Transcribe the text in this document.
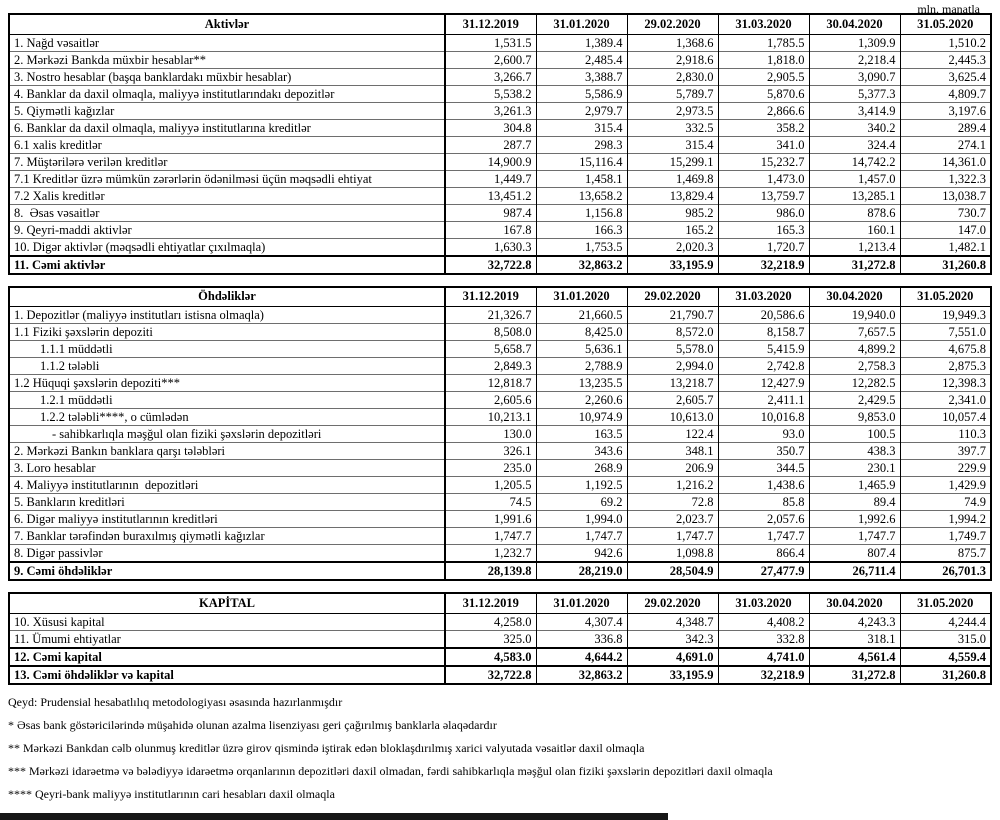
mln. manatla
Aktivlər	31.12.2019	31.01.2020	29.02.2020	31.03.2020	30.04.2020	31.05.2020
1. Nağd vəsaitlər	1,531.5	1,389.4	1,368.6	1,785.5	1,309.9	1,510.2
2. Mərkəzi Bankda müxbir hesablar**	2,600.7	2,485.4	2,918.6	1,818.0	2,218.4	2,445.3
3. Nostro hesablar (başqa banklardakı müxbir hesablar)	3,266.7	3,388.7	2,830.0	2,905.5	3,090.7	3,625.4
4. Banklar da daxil olmaqla, maliyyə institutlarındakı depozitlər	5,538.2	5,586.9	5,789.7	5,870.6	5,377.3	4,809.7
5. Qiymətli kağızlar	3,261.3	2,979.7	2,973.5	2,866.6	3,414.9	3,197.6
6. Banklar da daxil olmaqla, maliyyə institutlarına kreditlər	304.8	315.4	332.5	358.2	340.2	289.4
6.1 xalis kreditlər	287.7	298.3	315.4	341.0	324.4	274.1
7. Müştərilərə verilən kreditlər	14,900.9	15,116.4	15,299.1	15,232.7	14,742.2	14,361.0
7.1 Kreditlər üzrə mümkün zərərlərin ödənilməsi üçün məqsədli ehtiyat	1,449.7	1,458.1	1,469.8	1,473.0	1,457.0	1,322.3
7.2 Xalis kreditlər	13,451.2	13,658.2	13,829.4	13,759.7	13,285.1	13,038.7
8.  Əsas vəsaitlər	987.4	1,156.8	985.2	986.0	878.6	730.7
9. Qeyri-maddi aktivlər	167.8	166.3	165.2	165.3	160.1	147.0
10. Digər aktivlər (məqsədli ehtiyatlar çıxılmaqla)	1,630.3	1,753.5	2,020.3	1,720.7	1,213.4	1,482.1
11. Cəmi aktivlər	32,722.8	32,863.2	33,195.9	32,218.9	31,272.8	31,260.8
Öhdəliklər	31.12.2019	31.01.2020	29.02.2020	31.03.2020	30.04.2020	31.05.2020
1. Depozitlər (maliyyə institutları istisna olmaqla)	21,326.7	21,660.5	21,790.7	20,586.6	19,940.0	19,949.3
1.1 Fiziki şəxslərin depoziti	8,508.0	8,425.0	8,572.0	8,158.7	7,657.5	7,551.0
1.1.1 müddətli	5,658.7	5,636.1	5,578.0	5,415.9	4,899.2	4,675.8
1.1.2 tələbli	2,849.3	2,788.9	2,994.0	2,742.8	2,758.3	2,875.3
1.2 Hüquqi şəxslərin depoziti***	12,818.7	13,235.5	13,218.7	12,427.9	12,282.5	12,398.3
1.2.1 müddətli	2,605.6	2,260.6	2,605.7	2,411.1	2,429.5	2,341.0
1.2.2 tələbli****, o cümlədən	10,213.1	10,974.9	10,613.0	10,016.8	9,853.0	10,057.4
- sahibkarlıqla məşğul olan fiziki şəxslərin depozitləri	130.0	163.5	122.4	93.0	100.5	110.3
2. Mərkəzi Bankın banklara qarşı tələbləri	326.1	343.6	348.1	350.7	438.3	397.7
3. Loro hesablar	235.0	268.9	206.9	344.5	230.1	229.9
4. Maliyyə institutlarının  depozitləri	1,205.5	1,192.5	1,216.2	1,438.6	1,465.9	1,429.9
5. Bankların kreditləri	74.5	69.2	72.8	85.8	89.4	74.9
6. Digər maliyyə institutlarının kreditləri	1,991.6	1,994.0	2,023.7	2,057.6	1,992.6	1,994.2
7. Banklar tərəfindən buraxılmış qiymətli kağızlar	1,747.7	1,747.7	1,747.7	1,747.7	1,747.7	1,749.7
8. Digər passivlər	1,232.7	942.6	1,098.8	866.4	807.4	875.7
9. Cəmi öhdəliklər	28,139.8	28,219.0	28,504.9	27,477.9	26,711.4	26,701.3
KAPİTAL	31.12.2019	31.01.2020	29.02.2020	31.03.2020	30.04.2020	31.05.2020
10. Xüsusi kapital	4,258.0	4,307.4	4,348.7	4,408.2	4,243.3	4,244.4
11. Ümumi ehtiyatlar	325.0	336.8	342.3	332.8	318.1	315.0
12. Cəmi kapital	4,583.0	4,644.2	4,691.0	4,741.0	4,561.4	4,559.4
13. Cəmi öhdəliklər və kapital	32,722.8	32,863.2	33,195.9	32,218.9	31,272.8	31,260.8

Qeyd: Prudensial hesabatlılıq metodologiyası əsasında hazırlanmışdır

* Əsas bank göstəricilərində müşahidə olunan azalma lisenziyası geri çağırılmış banklarla əlaqədardır

** Mərkəzi Bankdan cəlb olunmuş kreditlər üzrə girov qismində iştirak edən bloklaşdırılmış xarici valyutada vəsaitlər daxil olmaqla

*** Mərkəzi idarəetmə və bələdiyyə idarəetmə orqanlarının depozitləri daxil olmadan, fərdi sahibkarlıqla məşğul olan fiziki şəxslərin depozitləri daxil olmaqla

**** Qeyri-bank maliyyə institutlarının cari hesabları daxil olmaqla
